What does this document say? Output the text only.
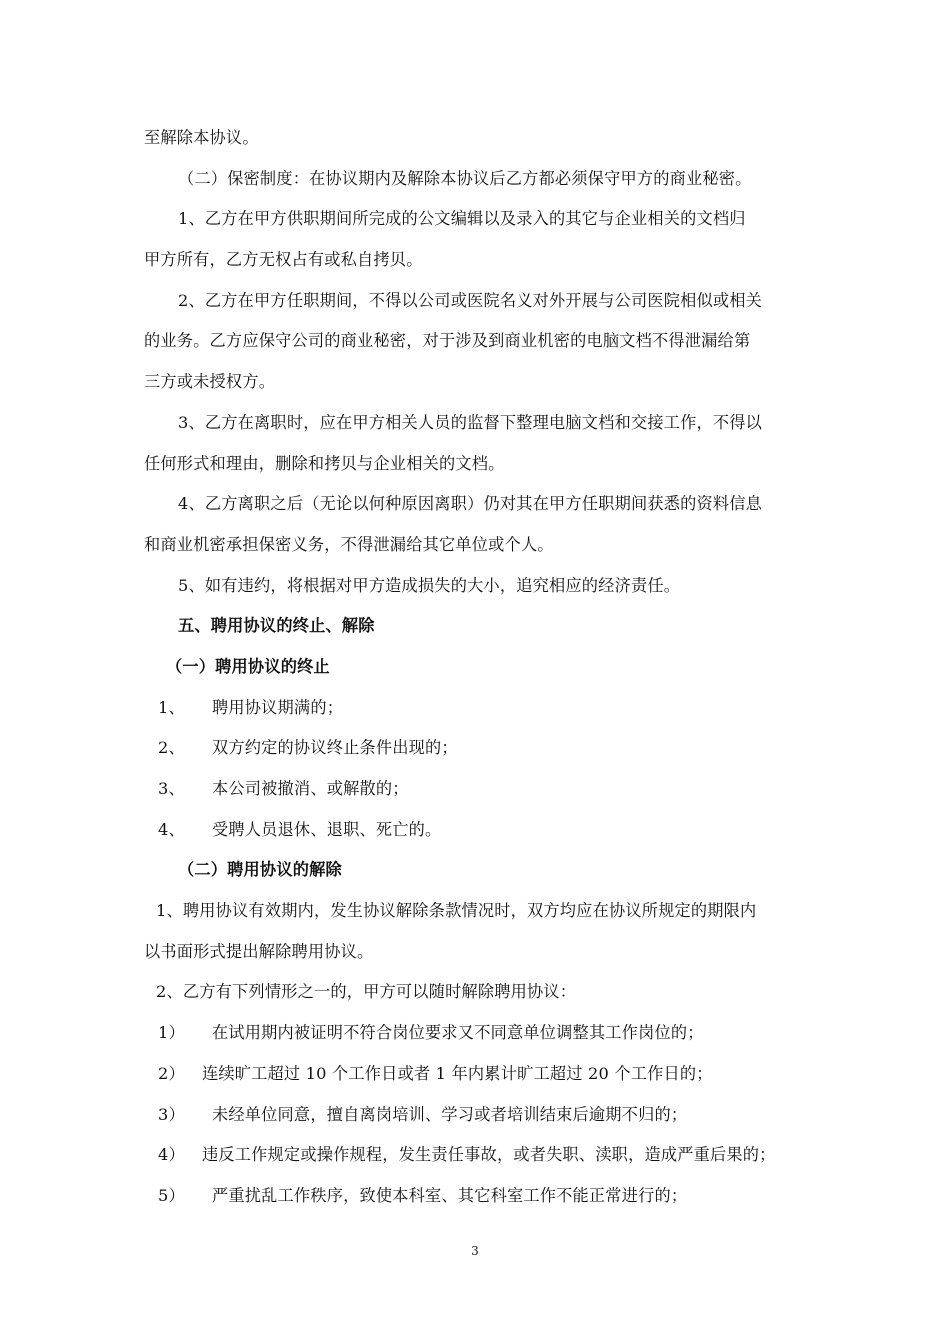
至解除本协议。
（二）保密制度：在协议期内及解除本协议后乙方都必须保守甲方的商业秘密。
1、乙方在甲方供职期间所完成的公文编辑以及录入的其它与企业相关的文档归
甲方所有，乙方无权占有或私自拷贝。
2、乙方在甲方任职期间，不得以公司或医院名义对外开展与公司医院相似或相关
的业务。乙方应保守公司的商业秘密，对于涉及到商业机密的电脑文档不得泄漏给第
三方或未授权方。
3、乙方在离职时，应在甲方相关人员的监督下整理电脑文档和交接工作，不得以
任何形式和理由，删除和拷贝与企业相关的文档。
4、乙方离职之后（无论以何种原因离职）仍对其在甲方任职期间获悉的资料信息
和商业机密承担保密义务，不得泄漏给其它单位或个人。
5、如有违约，将根据对甲方造成损失的大小，追究相应的经济责任。
五、聘用协议的终止、解除
（一）聘用协议的终止
1、	聘用协议期满的；
2、	双方约定的协议终止条件出现的；
3、	本公司被撤消、或解散的；
4、	受聘人员退休、退职、死亡的。
（二）聘用协议的解除
1、聘用协议有效期内，发生协议解除条款情况时，双方均应在协议所规定的期限内
以书面形式提出解除聘用协议。
2、乙方有下列情形之一的，甲方可以随时解除聘用协议：
1）	在试用期内被证明不符合岗位要求又不同意单位调整其工作岗位的；
2）	连续旷工超过 10 个工作日或者 1 年内累计旷工超过 20 个工作日的；
3）	未经单位同意，擅自离岗培训、学习或者培训结束后逾期不归的；
4）	违反工作规定或操作规程，发生责任事故，或者失职、渎职，造成严重后果的；
5）	严重扰乱工作秩序，致使本科室、其它科室工作不能正常进行的；
3
